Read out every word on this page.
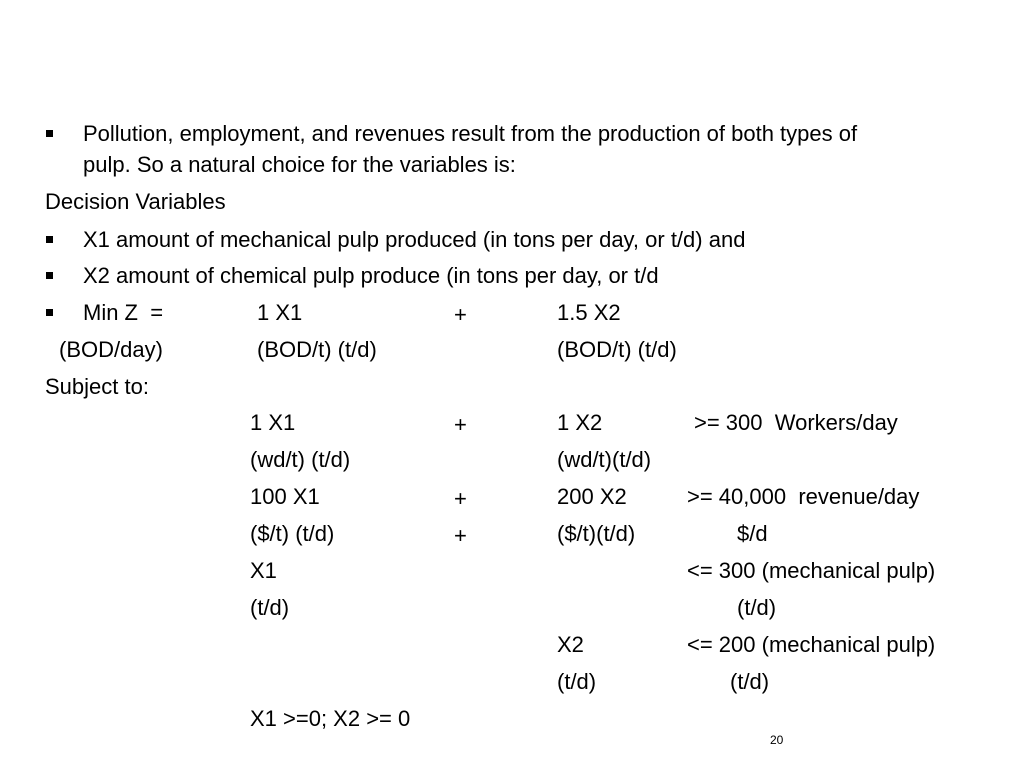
Pollution, employment, and revenues result from the production of both types of
pulp. So a natural choice for the variables is:
Decision Variables
X1 amount of mechanical pulp produced (in tons per day, or t/d) and
X2 amount of chemical pulp produce (in tons per day, or t/d
Min Z  =	1 X1	+	1.5 X2
(BOD/day)	(BOD/t) (t/d)	(BOD/t) (t/d)
Subject to:
1 X1	+	1 X2	>= 300  Workers/day
(wd/t) (t/d)	(wd/t)(t/d)
100 X1	+	200 X2	>= 40,000  revenue/day
($/t) (t/d)	+	($/t)(t/d)	$/d
X1	<= 300 (mechanical pulp)
(t/d)	(t/d)
X2	<= 200 (mechanical pulp)
(t/d)	(t/d)
X1 >=0; X2 >= 0
20
